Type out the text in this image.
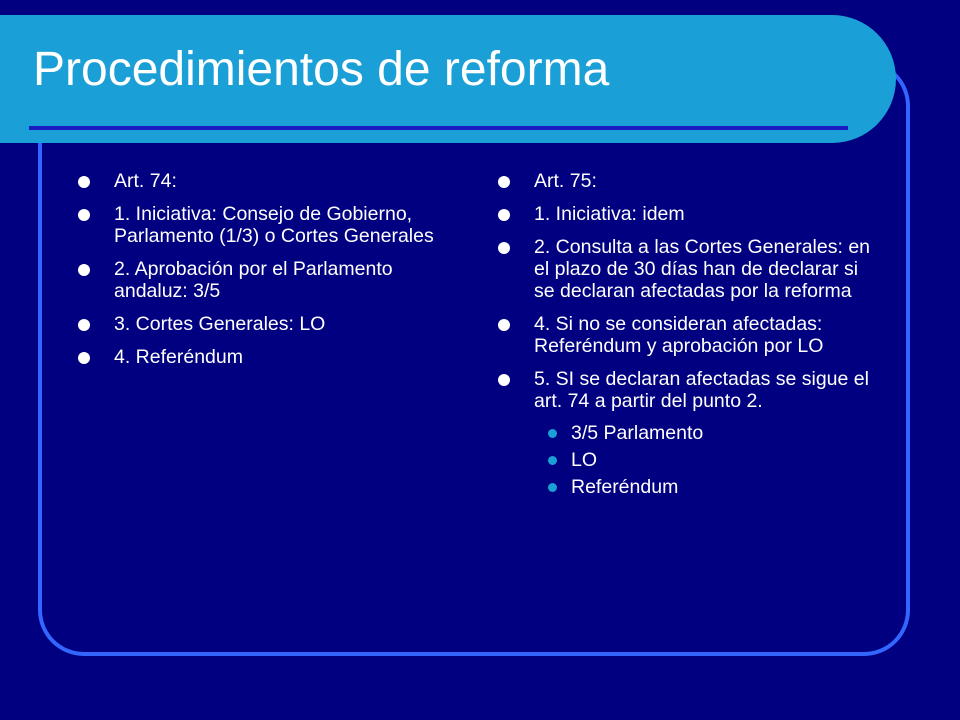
Procedimientos de reforma
Art. 74:
1. Iniciativa: Consejo de Gobierno, Parlamento (1/3) o Cortes Generales
2. Aprobación por el Parlamento andaluz: 3/5
3. Cortes Generales: LO
4. Referéndum
Art. 75:
1. Iniciativa: idem
2. Consulta a las Cortes Generales: en el plazo de 30 días han de declarar si se declaran afectadas por la reforma
4. Si no se consideran afectadas: Referéndum y aprobación por LO
5. SI se declaran afectadas se sigue el art. 74 a partir del punto 2.
3/5 Parlamento
LO
Referéndum
